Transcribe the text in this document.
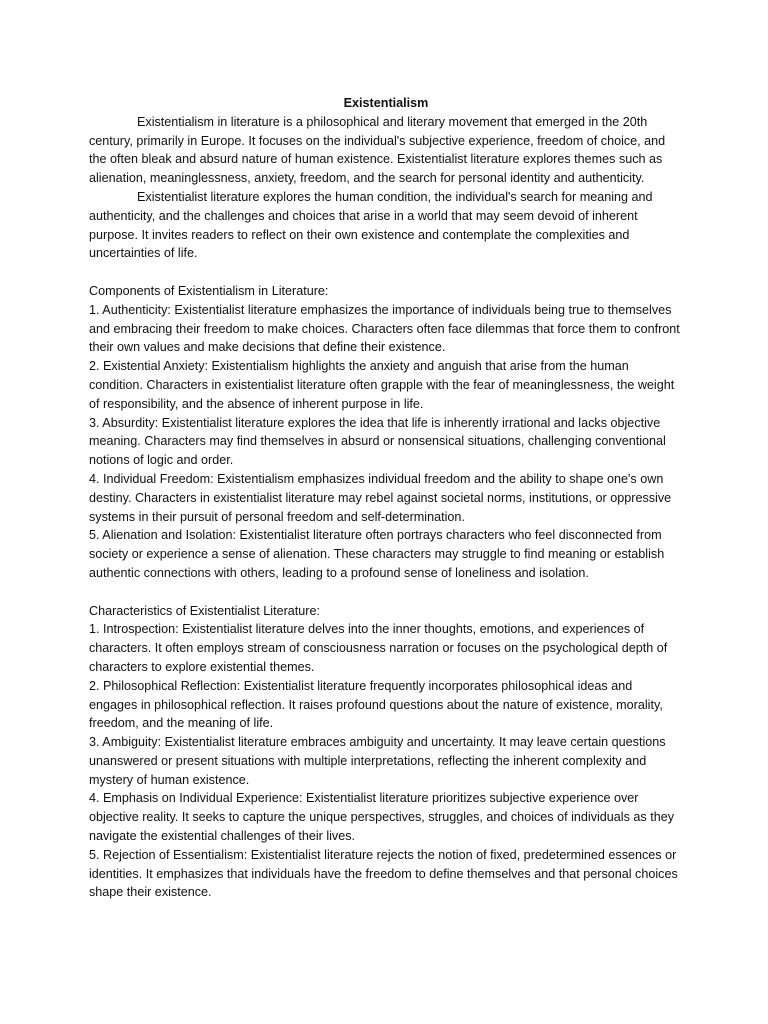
Existentialism

Existentialism in literature is a philosophical and literary movement that emerged in the 20th century, primarily in Europe. It focuses on the individual's subjective experience, freedom of choice, and the often bleak and absurd nature of human existence. Existentialist literature explores themes such as alienation, meaninglessness, anxiety, freedom, and the search for personal identity and authenticity.

Existentialist literature explores the human condition, the individual's search for meaning and authenticity, and the challenges and choices that arise in a world that may seem devoid of inherent purpose. It invites readers to reflect on their own existence and contemplate the complexities and uncertainties of life.

Components of Existentialism in Literature:

1. Authenticity: Existentialist literature emphasizes the importance of individuals being true to themselves and embracing their freedom to make choices. Characters often face dilemmas that force them to confront their own values and make decisions that define their existence.
2. Existential Anxiety: Existentialism highlights the anxiety and anguish that arise from the human condition. Characters in existentialist literature often grapple with the fear of meaninglessness, the weight of responsibility, and the absence of inherent purpose in life.
3. Absurdity: Existentialist literature explores the idea that life is inherently irrational and lacks objective meaning. Characters may find themselves in absurd or nonsensical situations, challenging conventional notions of logic and order.
4. Individual Freedom: Existentialism emphasizes individual freedom and the ability to shape one's own destiny. Characters in existentialist literature may rebel against societal norms, institutions, or oppressive systems in their pursuit of personal freedom and self-determination.
5. Alienation and Isolation: Existentialist literature often portrays characters who feel disconnected from society or experience a sense of alienation. These characters may struggle to find meaning or establish authentic connections with others, leading to a profound sense of loneliness and isolation.

Characteristics of Existentialist Literature:

1. Introspection: Existentialist literature delves into the inner thoughts, emotions, and experiences of characters. It often employs stream of consciousness narration or focuses on the psychological depth of characters to explore existential themes.
2. Philosophical Reflection: Existentialist literature frequently incorporates philosophical ideas and engages in philosophical reflection. It raises profound questions about the nature of existence, morality, freedom, and the meaning of life.
3. Ambiguity: Existentialist literature embraces ambiguity and uncertainty. It may leave certain questions unanswered or present situations with multiple interpretations, reflecting the inherent complexity and mystery of human existence.
4. Emphasis on Individual Experience: Existentialist literature prioritizes subjective experience over objective reality. It seeks to capture the unique perspectives, struggles, and choices of individuals as they navigate the existential challenges of their lives.
5. Rejection of Essentialism: Existentialist literature rejects the notion of fixed, predetermined essences or identities. It emphasizes that individuals have the freedom to define themselves and that personal choices shape their existence.
